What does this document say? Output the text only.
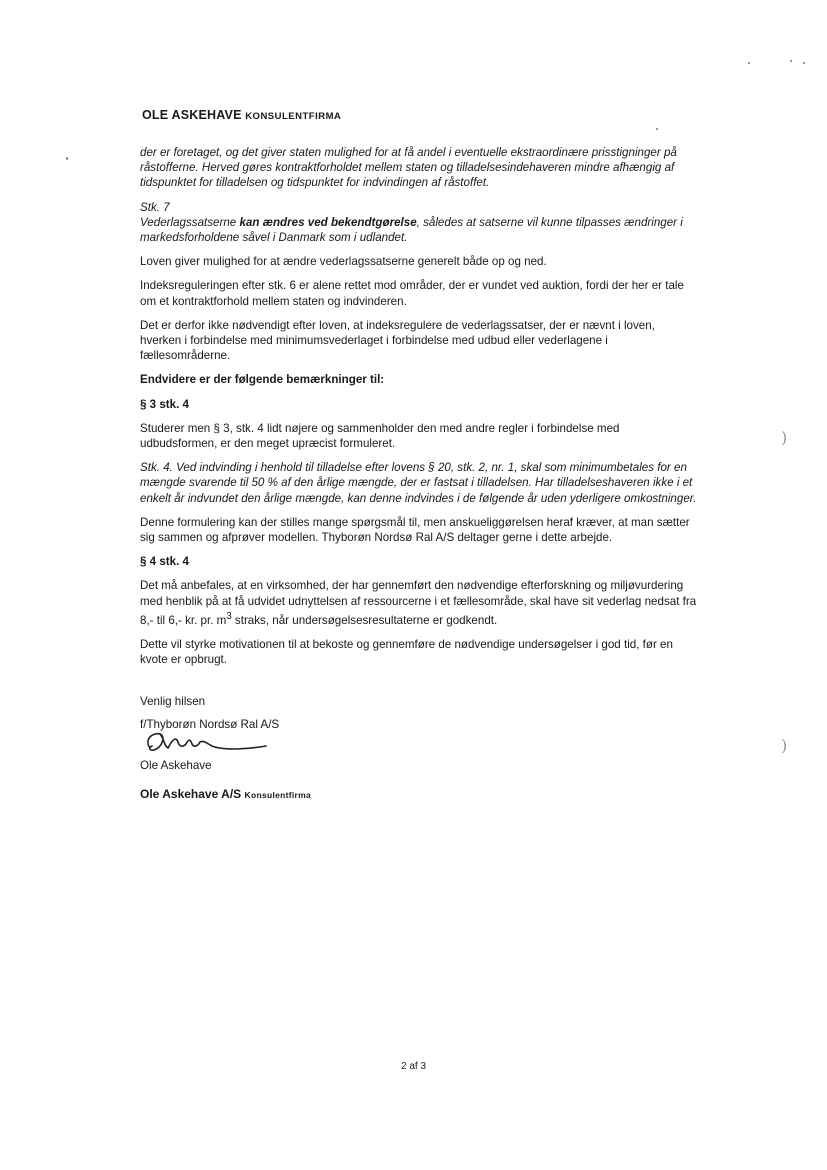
OLE ASKEHAVE KONSULENTFIRMA

der er foretaget, og det giver staten mulighed for at få andel i eventuelle ekstraordinære prisstigninger på råstofferne. Herved gøres kontraktforholdet mellem staten og tilladelsesindehaveren mindre afhængig af tidspunktet for tilladelsen og tidspunktet for indvindingen af råstoffet.

Stk. 7
Vederlagssatserne kan ændres ved bekendtgørelse, således at satserne vil kunne tilpasses ændringer i markedsforholdene såvel i Danmark som i udlandet.

Loven giver mulighed for at ændre vederlagssatserne generelt både op og ned.

Indeksreguleringen efter stk. 6 er alene rettet mod områder, der er vundet ved auktion, fordi der her er tale om et kontraktforhold mellem staten og indvinderen.

Det er derfor ikke nødvendigt efter loven, at indeksregulere de vederlagssatser, der er nævnt i loven, hverken i forbindelse med minimumsvederlaget i forbindelse med udbud eller vederlagene i fællesområderne.

Endvidere er der følgende bemærkninger til:

§ 3 stk. 4

Studerer men § 3, stk. 4 lidt nøjere og sammenholder den med andre regler i forbindelse med udbudsformen, er den meget upræcist formuleret.

Stk. 4. Ved indvinding i henhold til tilladelse efter lovens § 20, stk. 2, nr. 1, skal som minimumbetales for en mængde svarende til 50 % af den årlige mængde, der er fastsat i tilladelsen. Har tilladelseshaveren ikke i et enkelt år indvundet den årlige mængde, kan denne indvindes i de følgende år uden yderligere omkostninger.

Denne formulering kan der stilles mange spørgsmål til, men anskueliggørelsen heraf kræver, at man sætter sig sammen og afprøver modellen. Thyborøn Nordsø Ral A/S deltager gerne i dette arbejde.

§ 4 stk. 4

Det må anbefales, at en virksomhed, der har gennemført den nødvendige efterforskning og miljøvurdering med henblik på at få udvidet udnyttelsen af ressourcerne i et fællesområde, skal have sit vederlag nedsat fra 8,- til 6,- kr. pr. $m^3$ straks, når undersøgelsesresultaterne er godkendt.

Dette vil styrke motivationen til at bekoste og gennemføre de nødvendige undersøgelser i god tid, før en kvote er opbrugt.

Venlig hilsen
f/Thyborøn Nordsø Ral A/S
Ole Askehave
Ole Askehave A/S Konsulentfirma
2 af 3
)
)
